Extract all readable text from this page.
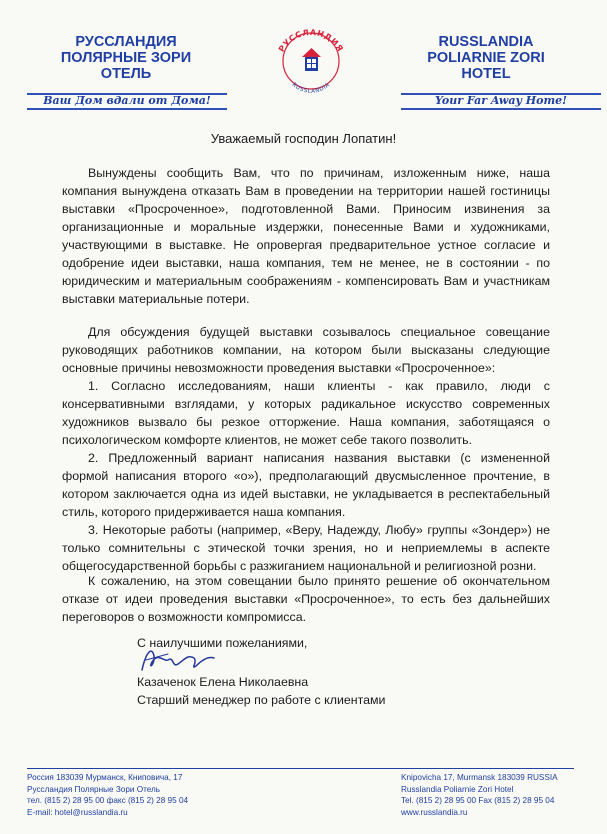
РУССЛАНДИЯ
ПОЛЯРНЫЕ ЗОРИ
ОТЕЛЬ
Ваш Дом вдали от Дома!
РУССЛАНДИЯ
RUSSLANDIA
RUSSLANDIA
POLIARNIE ZORI
HOTEL
Your Far Away Home!
Уважаемый господин Лопатин!

Вынуждены сообщить Вам, что по причинам, изложенным ниже, наша компания вынуждена отказать Вам в проведении на территории нашей гостиницы выставки «Просроченное», подготовленной Вами. Приносим извинения за организационные и моральные издержки, понесенные Вами и художниками, участвующими в выставке. Не опровергая предварительное устное согласие и одобрение идеи выставки, наша компания, тем не менее, не в состоянии - по юридическим и материальным соображениям - компенсировать Вам и участникам выставки материальные потери.

Для обсуждения будущей выставки созывалось специальное совещание руководящих работников компании, на котором были высказаны следующие основные причины невозможности проведения выставки «Просроченное»:

1. Согласно исследованиям, наши клиенты - как правило, люди с консервативными взглядами, у которых радикальное искусство современных художников вызвало бы резкое отторжение. Наша компания, заботящаяся о психологическом комфорте клиентов, не может себе такого позволить.

2. Предложенный вариант написания названия выставки (с измененной формой написания второго «о»), предполагающий двусмысленное прочтение, в котором заключается одна из идей выставки, не укладывается в респектабельный стиль, которого придерживается наша компания.

3. Некоторые работы (например, «Веру, Надежду, Любу» группы «Зондер») не только сомнительны с этической точки зрения, но и неприемлемы в аспекте общегосударственной борьбы с разжиганием национальной и религиозной розни.

К сожалению, на этом совещании было принято решение об окончательном отказе от идеи проведения выставки «Просроченное», то есть без дальнейших переговоров о возможности компромисса.

С наилучшими пожеланиями,
Казаченок Елена Николаевна
Старший менеджер по работе с клиентами
Россия 183039 Мурманск, Книповича, 17
Руссландия Полярные Зори Отель
тел. (815 2) 28 95 00 факс (815 2) 28 95 04
E-mail: hotel@russlandia.ru
Knipovicha 17, Murmansk 183039 RUSSIA
Russlandia Poliarnie Zori Hotel
Tel. (815 2) 28 95 00 Fax (815 2) 28 95 04
www.russlandia.ru
